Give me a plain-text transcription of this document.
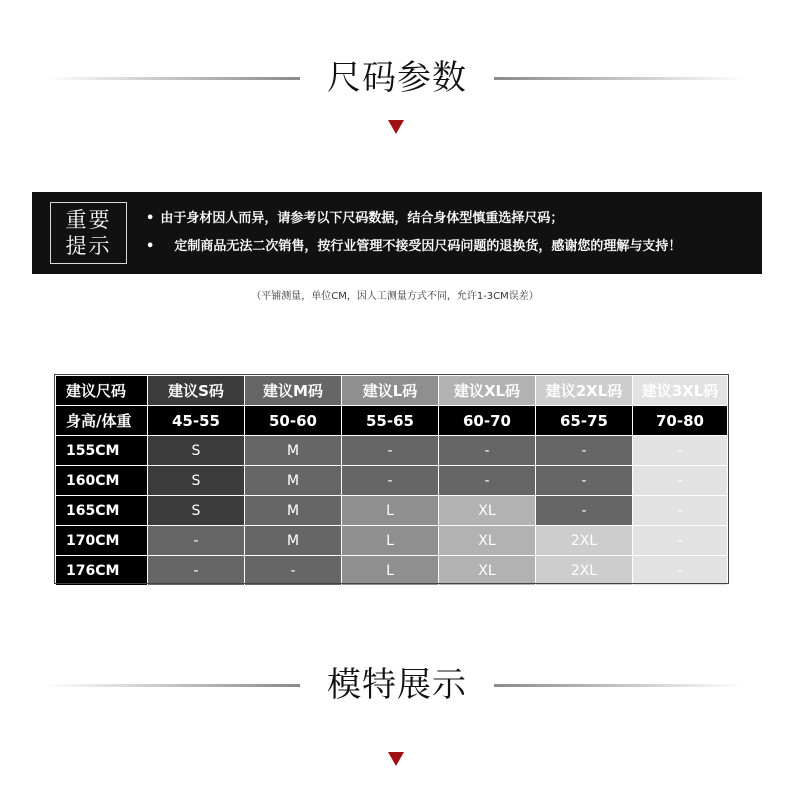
尺码参数
重要
提示
• 由于身材因人而异，请参考以下尺码数据，结合身体型慎重选择尺码；
• 定制商品无法二次销售，按行业管理不接受因尺码问题的退换货，感谢您的理解与支持！
（平铺测量，单位CM，因人工测量方式不同，允许1-3CM误差）
建议尺码	建议S码	建议M码	建议L码	建议XL码	建议2XL码	建议3XL码
身高/体重	45-55	50-60	55-65	60-70	65-75	70-80
155CM	S	M	-	-	-	-
160CM	S	M	-	-	-	-
165CM	S	M	L	XL	-	-
170CM	-	M	L	XL	2XL	-
176CM	-	-	L	XL	2XL	-
模特展示
